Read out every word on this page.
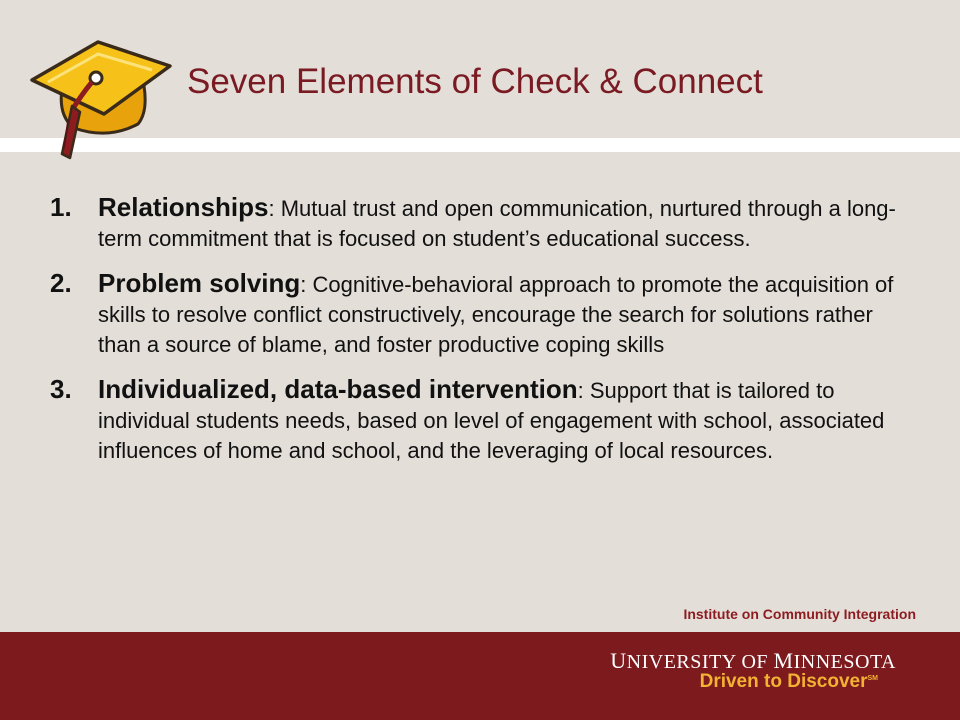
Seven Elements of Check & Connect
1.	Relationships: Mutual trust and open communication, nurtured through a long-term commitment that is focused on student’s educational success.
2.	Problem solving: Cognitive-behavioral approach to promote the acquisition of skills to resolve conflict constructively, encourage the search for solutions rather than a source of blame, and foster productive coping skills
3.	Individualized, data-based intervention: Support that is tailored to individual students needs, based on level of engagement with school, associated influences of home and school, and the leveraging of local resources.
Institute on Community Integration
UNIVERSITY OF MINNESOTA
Driven to Discover℠
